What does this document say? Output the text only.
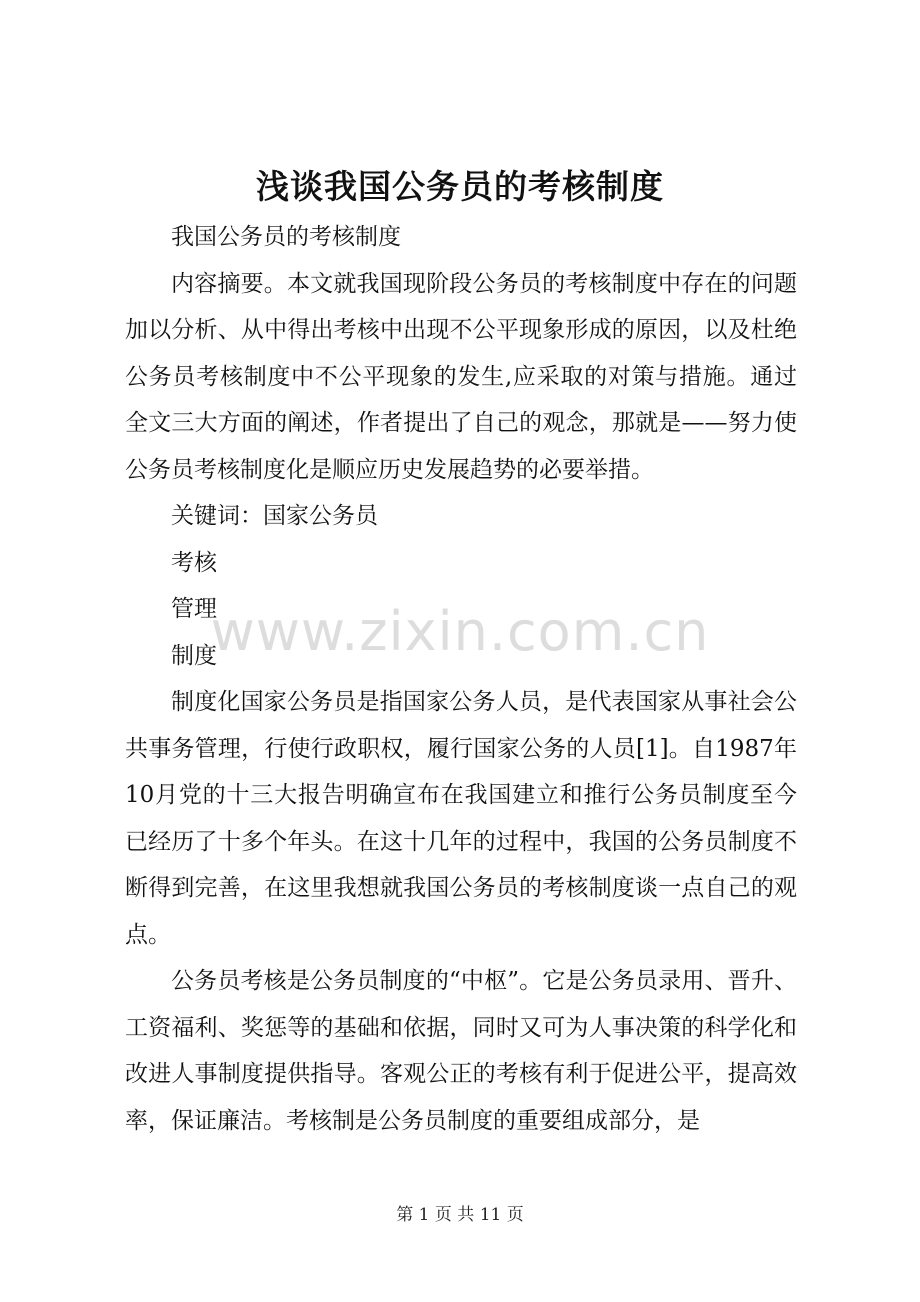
浅谈我国公务员的考核制度

我国公务员的考核制度

内容摘要。本文就我国现阶段公务员的考核制度中存在的问题加以分析、从中得出考核中出现不公平现象形成的原因，以及杜绝公务员考核制度中不公平现象的发生,应采取的对策与措施。通过全文三大方面的阐述，作者提出了自己的观念，那就是——努力使公务员考核制度化是顺应历史发展趋势的必要举措。

关键词：国家公务员

考核

管理

制度

制度化国家公务员是指国家公务人员，是代表国家从事社会公共事务管理，行使行政职权，履行国家公务的人员[1]。自1987年10月党的十三大报告明确宣布在我国建立和推行公务员制度至今已经历了十多个年头。在这十几年的过程中，我国的公务员制度不断得到完善，在这里我想就我国公务员的考核制度谈一点自己的观点。

公务员考核是公务员制度的“中枢”。它是公务员录用、晋升、工资福利、奖惩等的基础和依据，同时又可为人事决策的科学化和改进人事制度提供指导。客观公正的考核有利于促进公平，提高效率，保证廉洁。考核制是公务员制度的重要组成部分，是

www.zixin.com.cn
第 1 页 共 11 页
